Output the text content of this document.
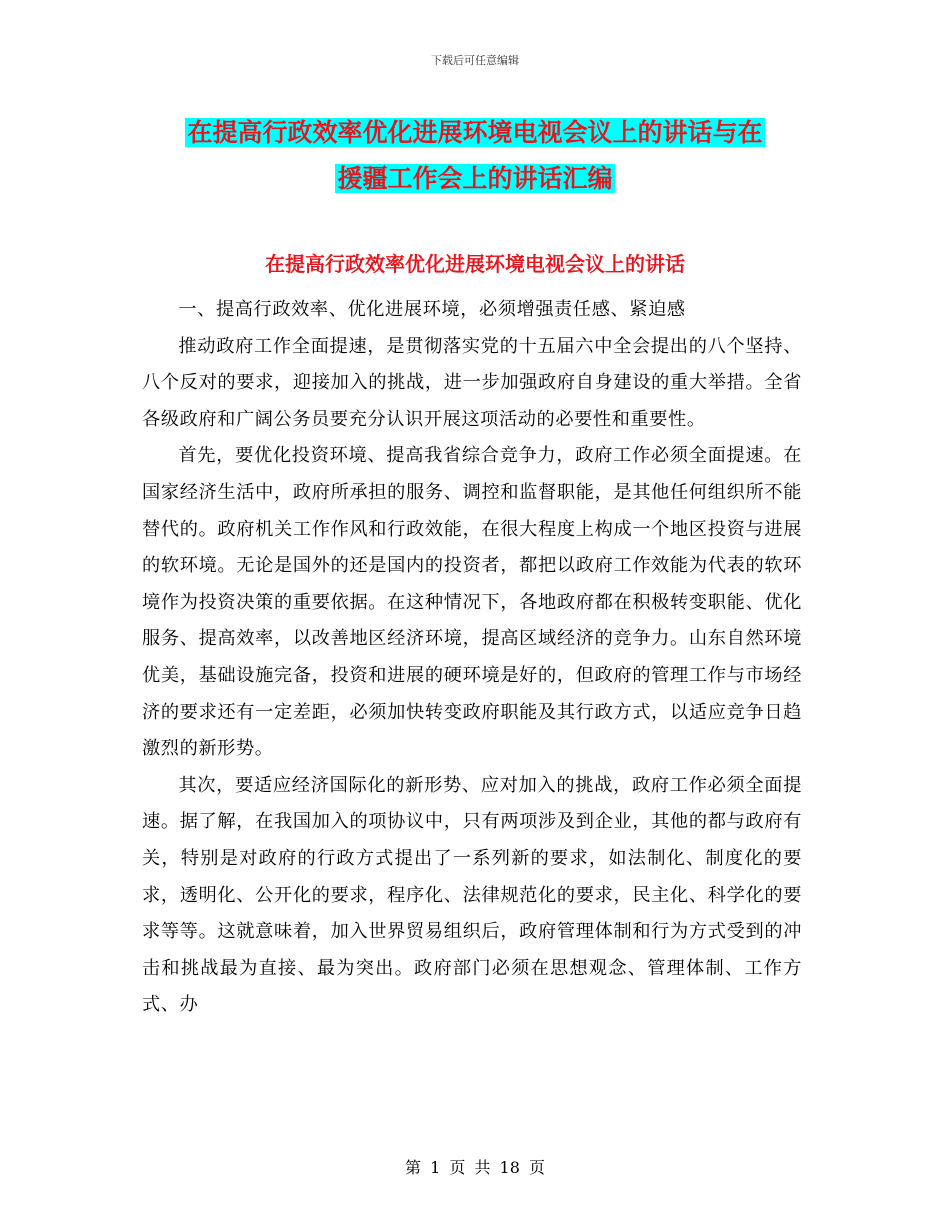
下载后可任意编辑
在提高行政效率优化进展环境电视会议上的讲话与在
援疆工作会上的讲话汇编
在提高行政效率优化进展环境电视会议上的讲话

一、提高行政效率、优化进展环境，必须增强责任感、紧迫感

推动政府工作全面提速，是贯彻落实党的十五届六中全会提出的八个坚持、八个反对的要求，迎接加入的挑战，进一步加强政府自身建设的重大举措。全省各级政府和广阔公务员要充分认识开展这项活动的必要性和重要性。

首先，要优化投资环境、提高我省综合竞争力，政府工作必须全面提速。在国家经济生活中，政府所承担的服务、调控和监督职能，是其他任何组织所不能替代的。政府机关工作作风和行政效能，在很大程度上构成一个地区投资与进展的软环境。无论是国外的还是国内的投资者，都把以政府工作效能为代表的软环境作为投资决策的重要依据。在这种情况下，各地政府都在积极转变职能、优化服务、提高效率，以改善地区经济环境，提高区域经济的竞争力。山东自然环境优美，基础设施完备，投资和进展的硬环境是好的，但政府的管理工作与市场经济的要求还有一定差距，必须加快转变政府职能及其行政方式，以适应竞争日趋激烈的新形势。

其次，要适应经济国际化的新形势、应对加入的挑战，政府工作必须全面提速。据了解，在我国加入的项协议中，只有两项涉及到企业，其他的都与政府有关，特别是对政府的行政方式提出了一系列新的要求，如法制化、制度化的要求，透明化、公开化的要求，程序化、法律规范化的要求，民主化、科学化的要求等等。这就意味着，加入世界贸易组织后，政府管理体制和行为方式受到的冲击和挑战最为直接、最为突出。政府部门必须在思想观念、管理体制、工作方式、办

第 1 页 共 18 页
